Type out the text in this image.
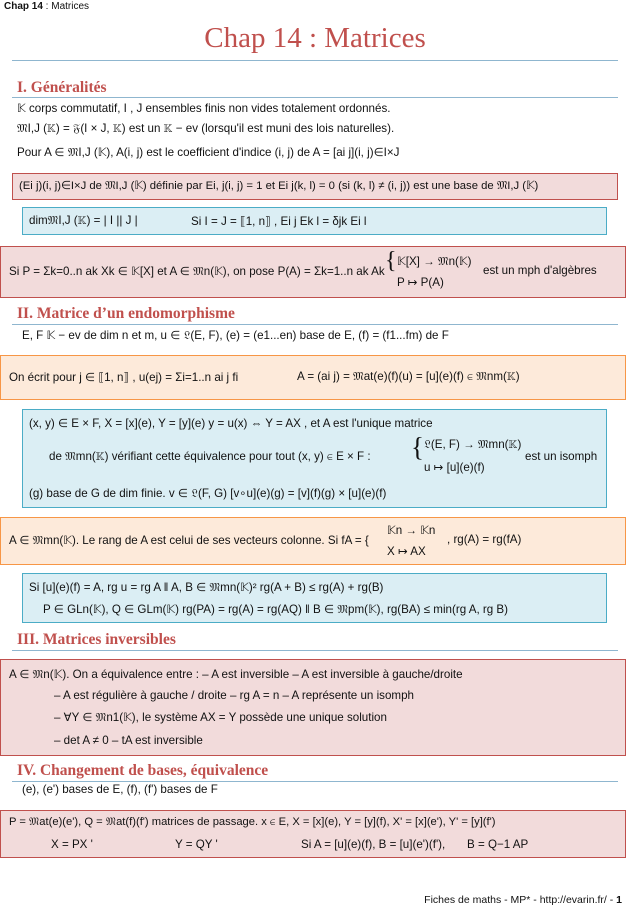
Chap 14 : Matrices
Chap 14 : Matrices
I. Généralités
𝕂 corps commutatif, I , J ensembles finis non vides totalement ordonnés.
𝔐I,J (𝕂) = 𝔉(I × J, 𝕂) est un 𝕂 − ev (lorsqu'il est muni des lois naturelles).
Pour A ∈ 𝔐I,J (𝕂), A(i, j) est le coefficient d'indice (i, j) de A = [ai j](i, j)∈I×J
(Ei j)(i, j)∈I×J de 𝔐I,J (𝕂) définie par Ei, j(i, j) = 1 et Ei j(k, l) = 0 (si (k, l) ≠ (i, j)) est une base de 𝔐I,J (𝕂)
dim𝔐I,J (𝕂) = | I || J |	Si I = J = ⟦1, n⟧ , Ei j Ek l = δjk Ei l
Si P = Σk=0..n ak Xk ∈ 𝕂[X] et A ∈ 𝔐n(𝕂), on pose P(A) = Σk=1..n ak Ak { 𝕂[X] → 𝔐n(𝕂)
P ↦ P(A)
est un mph d'algèbres
II. Matrice d’un endomorphisme
E, F 𝕂 − ev de dim n et m, u ∈ 𝔏(E, F), (e) = (e1...en) base de E, (f) = (f1...fm) de F
On écrit pour j ∈ ⟦1, n⟧ , u(ej) = Σi=1..n ai j fi	A = (ai j) = 𝔐at(e)(f)(u) = [u](e)(f) ∈ 𝔐nm(𝕂)
(x, y) ∈ E × F, X = [x](e), Y = [y](e) y = u(x) ⇔ Y = AX , et A est l'unique matrice
de 𝔐mn(𝕂) vérifiant cette équivalence pour tout (x, y) ∈ E × F : { 𝔏(E, F) → 𝔐mn(𝕂)
u ↦ [u](e)(f)
est un isomph
(g) base de G de dim finie. v ∈ 𝔏(F, G) [v∘u](e)(g) = [v](f)(g) × [u](e)(f)
A ∈ 𝔐mn(𝕂). Le rang de A est celui de ses vecteurs colonne. Si fA = {
𝕂n → 𝕂n
X ↦ AX
, rg(A) = rg(fA)
Si [u](e)(f) = A, rg u = rg A ‖ A, B ∈ 𝔐mn(𝕂)² rg(A + B) ≤ rg(A) + rg(B)
P ∈ GLn(𝕂), Q ∈ GLm(𝕂) rg(PA) = rg(A) = rg(AQ) ‖ B ∈ 𝔐pm(𝕂), rg(BA) ≤ min(rg A, rg B)
III. Matrices inversibles
A ∈ 𝔐n(𝕂). On a équivalence entre : – A est inversible – A est inversible à gauche/droite
– A est régulière à gauche / droite – rg A = n – A représente un isomph
– ∀Y ∈ 𝔐n1(𝕂), le système AX = Y possède une unique solution
– det A ≠ 0 – tA est inversible
IV. Changement de bases, équivalence
(e), (e') bases de E, (f), (f') bases de F
P = 𝔐at(e)(e'), Q = 𝔐at(f)(f') matrices de passage. x ∈ E, X = [x](e), Y = [y](f), X' = [x](e'), Y' = [y](f')
X = PX '	Y = QY '	Si A = [u](e)(f), B = [u](e')(f'), B = Q−1 AP
Fiches de maths - MP* - http://evarin.fr/ - 1
